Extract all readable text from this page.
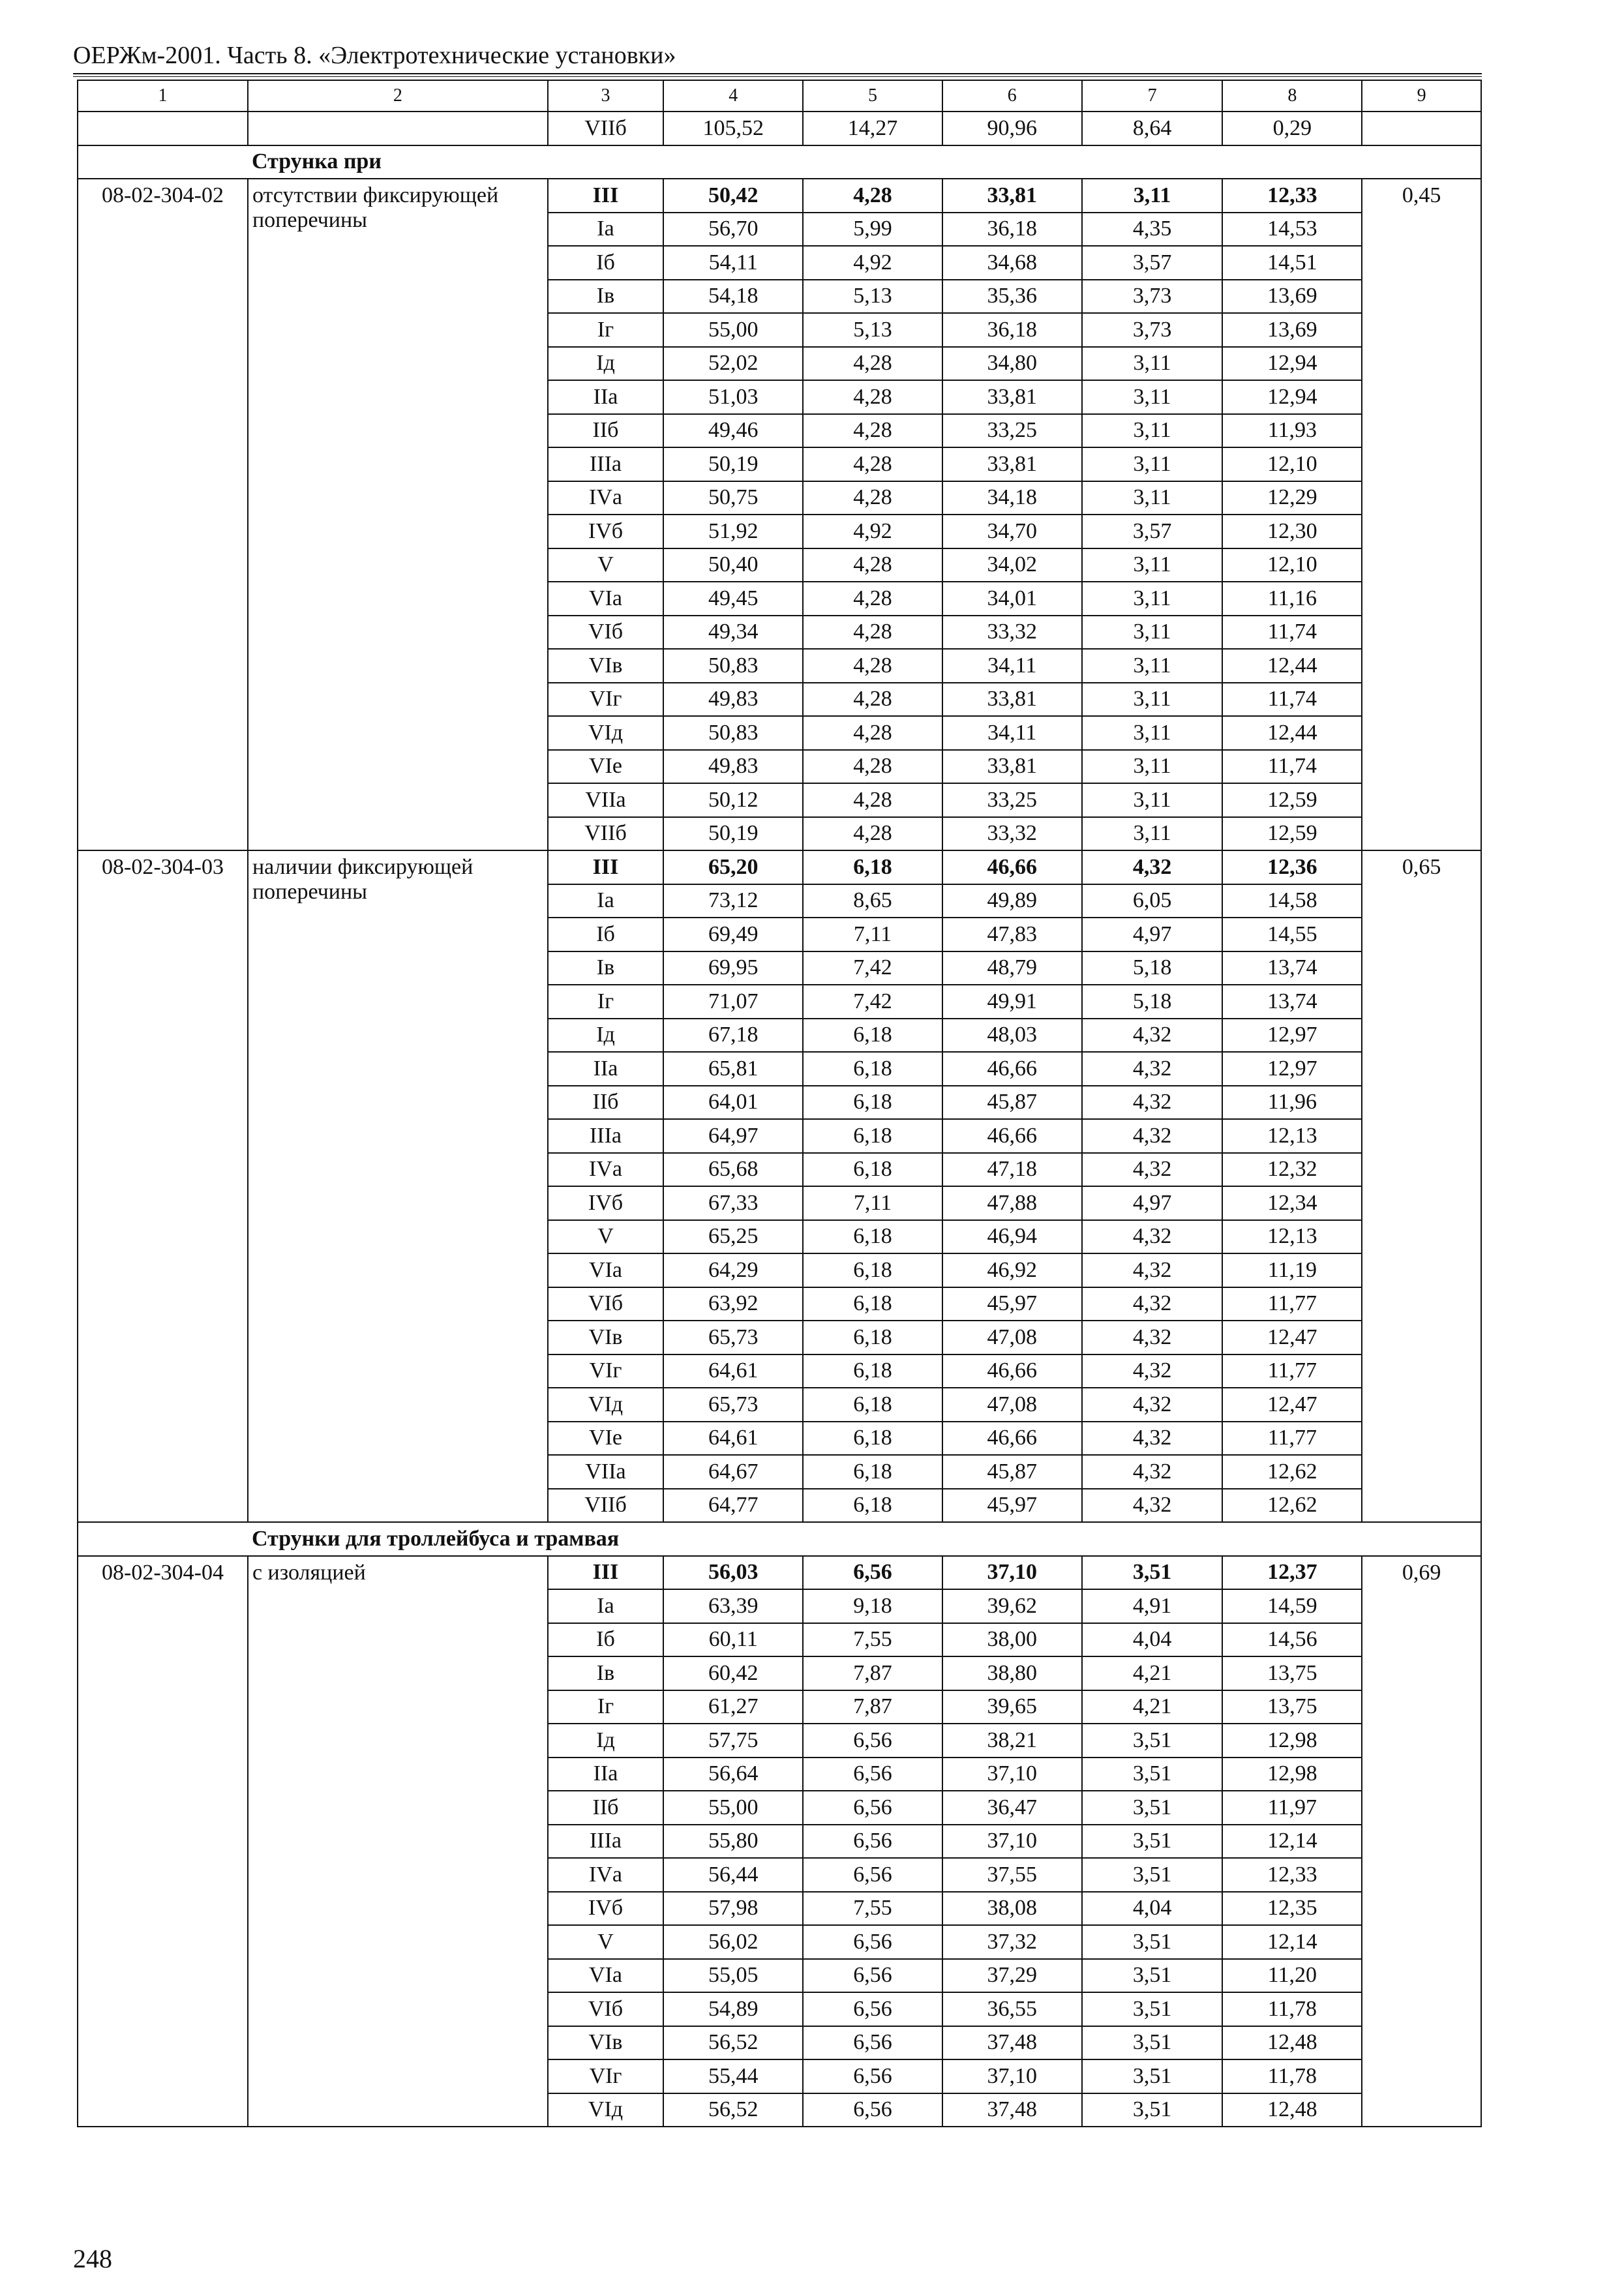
ОЕРЖм-2001. Часть 8. «Электротехнические установки»
1	2	3	4	5	6	7	8	9
		VIIб	105,52	14,27	90,96	8,64	0,29	
	Струнка при							
08-02-304-02	отсутствии фиксирующей поперечины	III	50,42	4,28	33,81	3,11	12,33	0,45
		Iа	56,70	5,99	36,18	4,35	14,53	
		Iб	54,11	4,92	34,68	3,57	14,51	
		Iв	54,18	5,13	35,36	3,73	13,69	
		Iг	55,00	5,13	36,18	3,73	13,69	
		Iд	52,02	4,28	34,80	3,11	12,94	
		IIа	51,03	4,28	33,81	3,11	12,94	
		IIб	49,46	4,28	33,25	3,11	11,93	
		IIIа	50,19	4,28	33,81	3,11	12,10	
		IVа	50,75	4,28	34,18	3,11	12,29	
		IVб	51,92	4,92	34,70	3,57	12,30	
		V	50,40	4,28	34,02	3,11	12,10	
		VIа	49,45	4,28	34,01	3,11	11,16	
		VIб	49,34	4,28	33,32	3,11	11,74	
		VIв	50,83	4,28	34,11	3,11	12,44	
		VIг	49,83	4,28	33,81	3,11	11,74	
		VIд	50,83	4,28	34,11	3,11	12,44	
		VIе	49,83	4,28	33,81	3,11	11,74	
		VIIа	50,12	4,28	33,25	3,11	12,59	
		VIIб	50,19	4,28	33,32	3,11	12,59	
08-02-304-03	наличии фиксирующей поперечины	III	65,20	6,18	46,66	4,32	12,36	0,65
		Iа	73,12	8,65	49,89	6,05	14,58	
		Iб	69,49	7,11	47,83	4,97	14,55	
		Iв	69,95	7,42	48,79	5,18	13,74	
		Iг	71,07	7,42	49,91	5,18	13,74	
		Iд	67,18	6,18	48,03	4,32	12,97	
		IIа	65,81	6,18	46,66	4,32	12,97	
		IIб	64,01	6,18	45,87	4,32	11,96	
		IIIа	64,97	6,18	46,66	4,32	12,13	
		IVа	65,68	6,18	47,18	4,32	12,32	
		IVб	67,33	7,11	47,88	4,97	12,34	
		V	65,25	6,18	46,94	4,32	12,13	
		VIа	64,29	6,18	46,92	4,32	11,19	
		VIб	63,92	6,18	45,97	4,32	11,77	
		VIв	65,73	6,18	47,08	4,32	12,47	
		VIг	64,61	6,18	46,66	4,32	11,77	
		VIд	65,73	6,18	47,08	4,32	12,47	
		VIе	64,61	6,18	46,66	4,32	11,77	
		VIIа	64,67	6,18	45,87	4,32	12,62	
		VIIб	64,77	6,18	45,97	4,32	12,62	
	Струнки для троллейбуса и трамвая							
08-02-304-04	с изоляцией	III	56,03	6,56	37,10	3,51	12,37	0,69
		Iа	63,39	9,18	39,62	4,91	14,59	
		Iб	60,11	7,55	38,00	4,04	14,56	
		Iв	60,42	7,87	38,80	4,21	13,75	
		Iг	61,27	7,87	39,65	4,21	13,75	
		Iд	57,75	6,56	38,21	3,51	12,98	
		IIа	56,64	6,56	37,10	3,51	12,98	
		IIб	55,00	6,56	36,47	3,51	11,97	
		IIIа	55,80	6,56	37,10	3,51	12,14	
		IVа	56,44	6,56	37,55	3,51	12,33	
		IVб	57,98	7,55	38,08	4,04	12,35	
		V	56,02	6,56	37,32	3,51	12,14	
		VIа	55,05	6,56	37,29	3,51	11,20	
		VIб	54,89	6,56	36,55	3,51	11,78	
		VIв	56,52	6,56	37,48	3,51	12,48	
		VIг	55,44	6,56	37,10	3,51	11,78	
		VIд	56,52	6,56	37,48	3,51	12,48	
248
